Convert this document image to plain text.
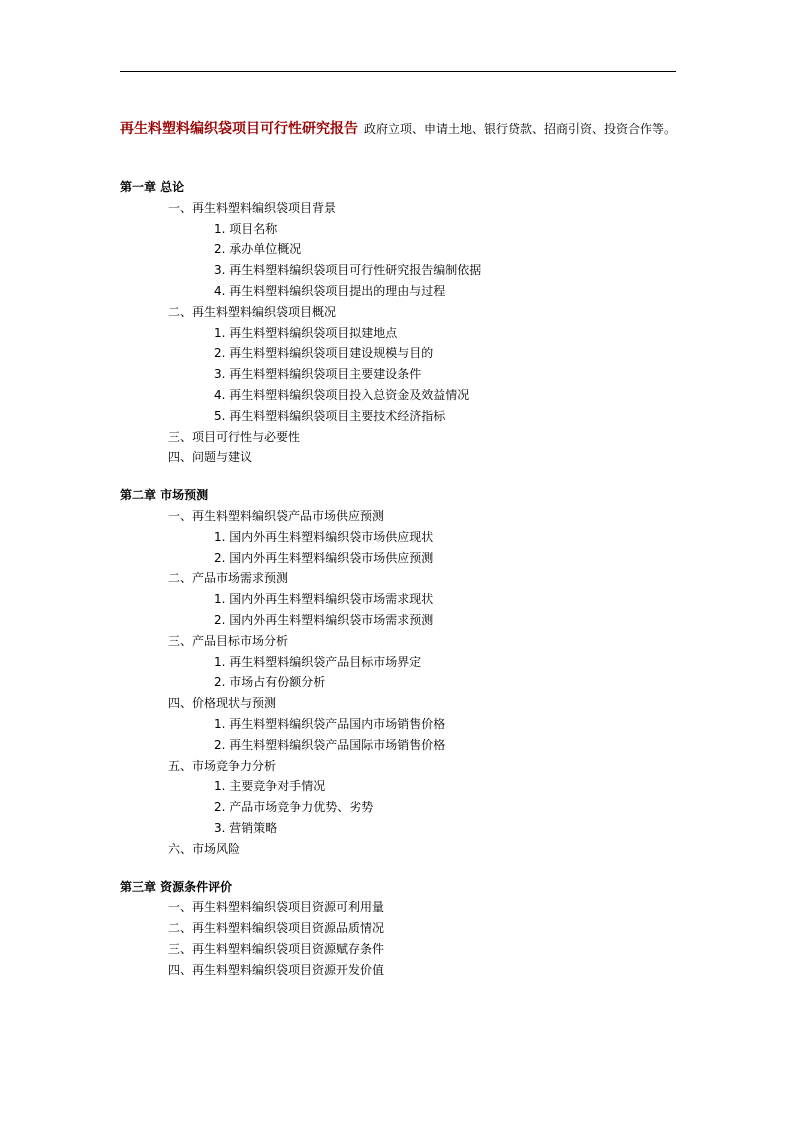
再生料塑料编织袋项目可行性研究报告 政府立项、申请土地、银行贷款、招商引资、投资合作等。
第一章 总论
一、再生料塑料编织袋项目背景
1. 项目名称
2. 承办单位概况
3. 再生料塑料编织袋项目可行性研究报告编制依据
4. 再生料塑料编织袋项目提出的理由与过程
二、再生料塑料编织袋项目概况
1. 再生料塑料编织袋项目拟建地点
2. 再生料塑料编织袋项目建设规模与目的
3. 再生料塑料编织袋项目主要建设条件
4. 再生料塑料编织袋项目投入总资金及效益情况
5. 再生料塑料编织袋项目主要技术经济指标
三、项目可行性与必要性
四、问题与建议
第二章 市场预测
一、再生料塑料编织袋产品市场供应预测
1. 国内外再生料塑料编织袋市场供应现状
2. 国内外再生料塑料编织袋市场供应预测
二、产品市场需求预测
1. 国内外再生料塑料编织袋市场需求现状
2. 国内外再生料塑料编织袋市场需求预测
三、产品目标市场分析
1. 再生料塑料编织袋产品目标市场界定
2. 市场占有份额分析
四、价格现状与预测
1. 再生料塑料编织袋产品国内市场销售价格
2. 再生料塑料编织袋产品国际市场销售价格
五、市场竞争力分析
1. 主要竞争对手情况
2. 产品市场竞争力优势、劣势
3. 营销策略
六、市场风险
第三章 资源条件评价
一、再生料塑料编织袋项目资源可利用量
二、再生料塑料编织袋项目资源品质情况
三、再生料塑料编织袋项目资源赋存条件
四、再生料塑料编织袋项目资源开发价值
